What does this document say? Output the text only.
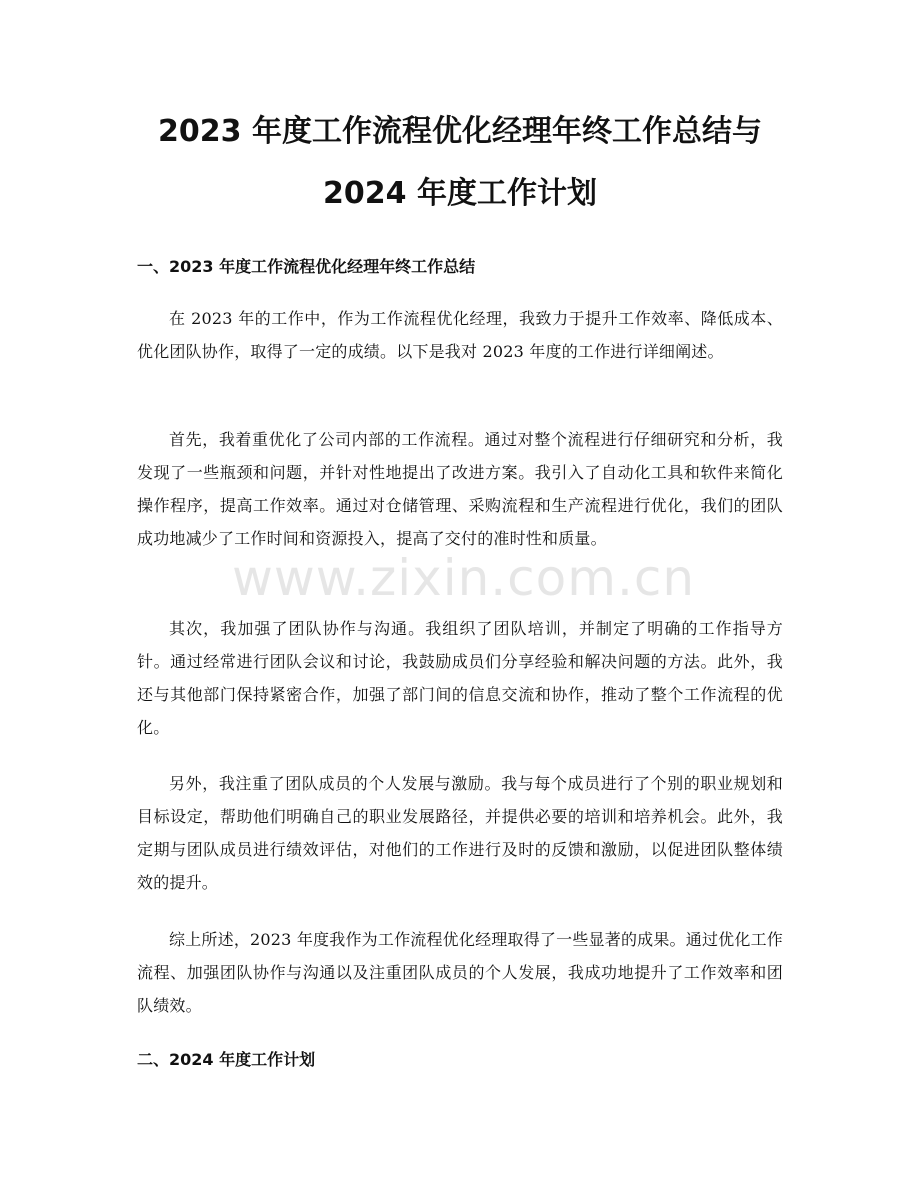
2023 年度工作流程优化经理年终工作总结与
2024 年度工作计划
一、2023 年度工作流程优化经理年终工作总结

在 2023 年的工作中，作为工作流程优化经理，我致力于提升工作效率、降低成本、优化团队协作，取得了一定的成绩。以下是我对 2023 年度的工作进行详细阐述。

首先，我着重优化了公司内部的工作流程。通过对整个流程进行仔细研究和分析，我发现了一些瓶颈和问题，并针对性地提出了改进方案。我引入了自动化工具和软件来简化操作程序，提高工作效率。通过对仓储管理、采购流程和生产流程进行优化，我们的团队成功地减少了工作时间和资源投入，提高了交付的准时性和质量。

其次，我加强了团队协作与沟通。我组织了团队培训，并制定了明确的工作指导方针。通过经常进行团队会议和讨论，我鼓励成员们分享经验和解决问题的方法。此外，我还与其他部门保持紧密合作，加强了部门间的信息交流和协作，推动了整个工作流程的优化。

另外，我注重了团队成员的个人发展与激励。我与每个成员进行了个别的职业规划和目标设定，帮助他们明确自己的职业发展路径，并提供必要的培训和培养机会。此外，我定期与团队成员进行绩效评估，对他们的工作进行及时的反馈和激励，以促进团队整体绩效的提升。

综上所述，2023 年度我作为工作流程优化经理取得了一些显著的成果。通过优化工作流程、加强团队协作与沟通以及注重团队成员的个人发展，我成功地提升了工作效率和团队绩效。

二、2024 年度工作计划
www.zixin.com.cn
